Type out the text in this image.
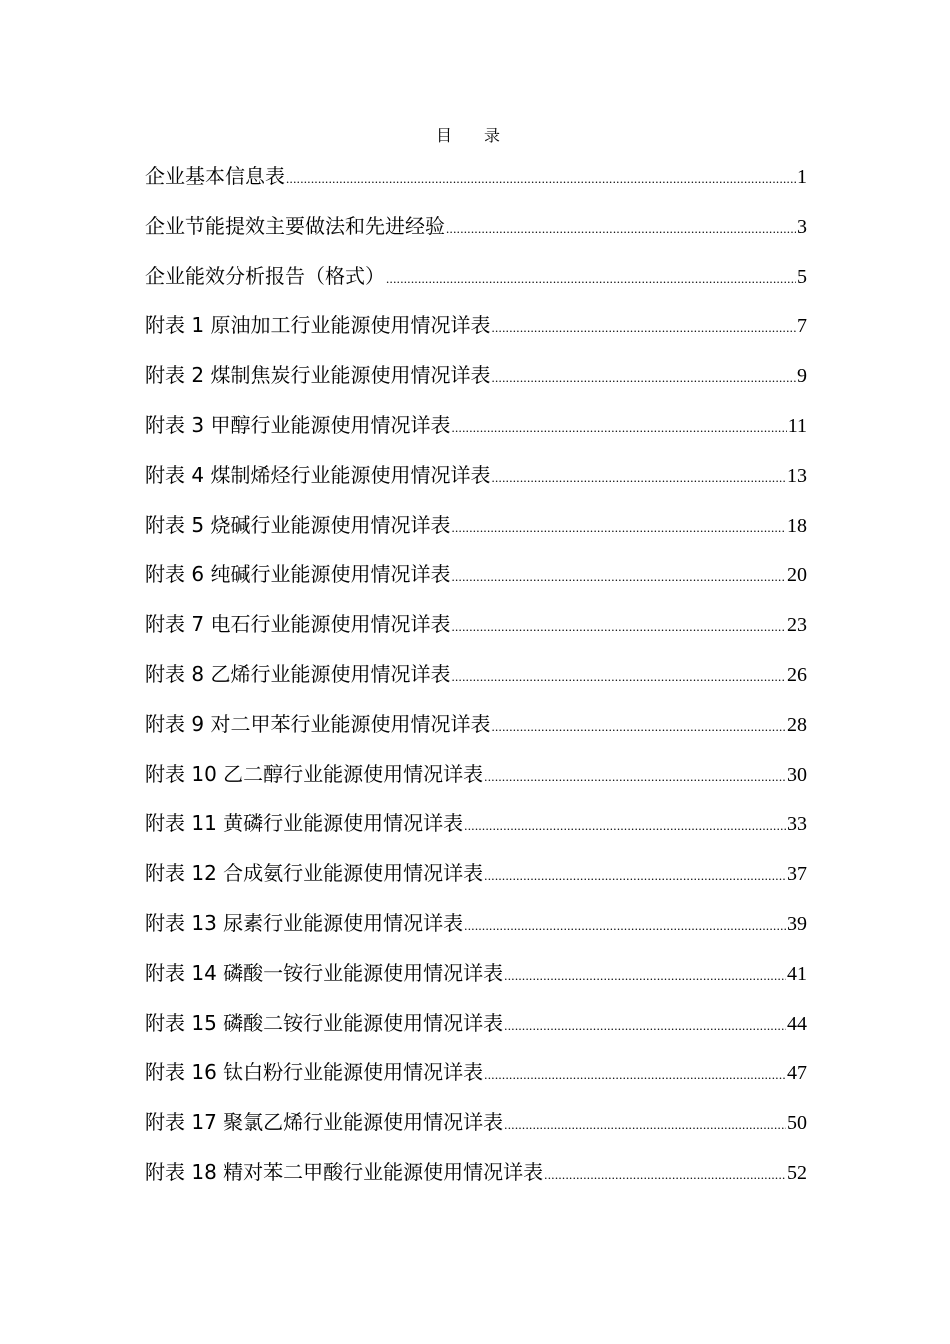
目 录
企业基本信息表 .....	1
企业节能提效主要做法和先进经验 .....	3
企业能效分析报告（格式） .....	5
附表 1 原油加工行业能源使用情况详表 .....	7
附表 2 煤制焦炭行业能源使用情况详表 .....	9
附表 3 甲醇行业能源使用情况详表 .....	11
附表 4 煤制烯烃行业能源使用情况详表 .....	13
附表 5 烧碱行业能源使用情况详表 .....	18
附表 6 纯碱行业能源使用情况详表 .....	20
附表 7 电石行业能源使用情况详表 .....	23
附表 8 乙烯行业能源使用情况详表 .....	26
附表 9 对二甲苯行业能源使用情况详表 .....	28
附表 10 乙二醇行业能源使用情况详表 .....	30
附表 11 黄磷行业能源使用情况详表 .....	33
附表 12 合成氨行业能源使用情况详表 .....	37
附表 13 尿素行业能源使用情况详表 .....	39
附表 14 磷酸一铵行业能源使用情况详表 .....	41
附表 15 磷酸二铵行业能源使用情况详表 .....	44
附表 16 钛白粉行业能源使用情况详表 .....	47
附表 17 聚氯乙烯行业能源使用情况详表 .....	50
附表 18 精对苯二甲酸行业能源使用情况详表 .....	52
